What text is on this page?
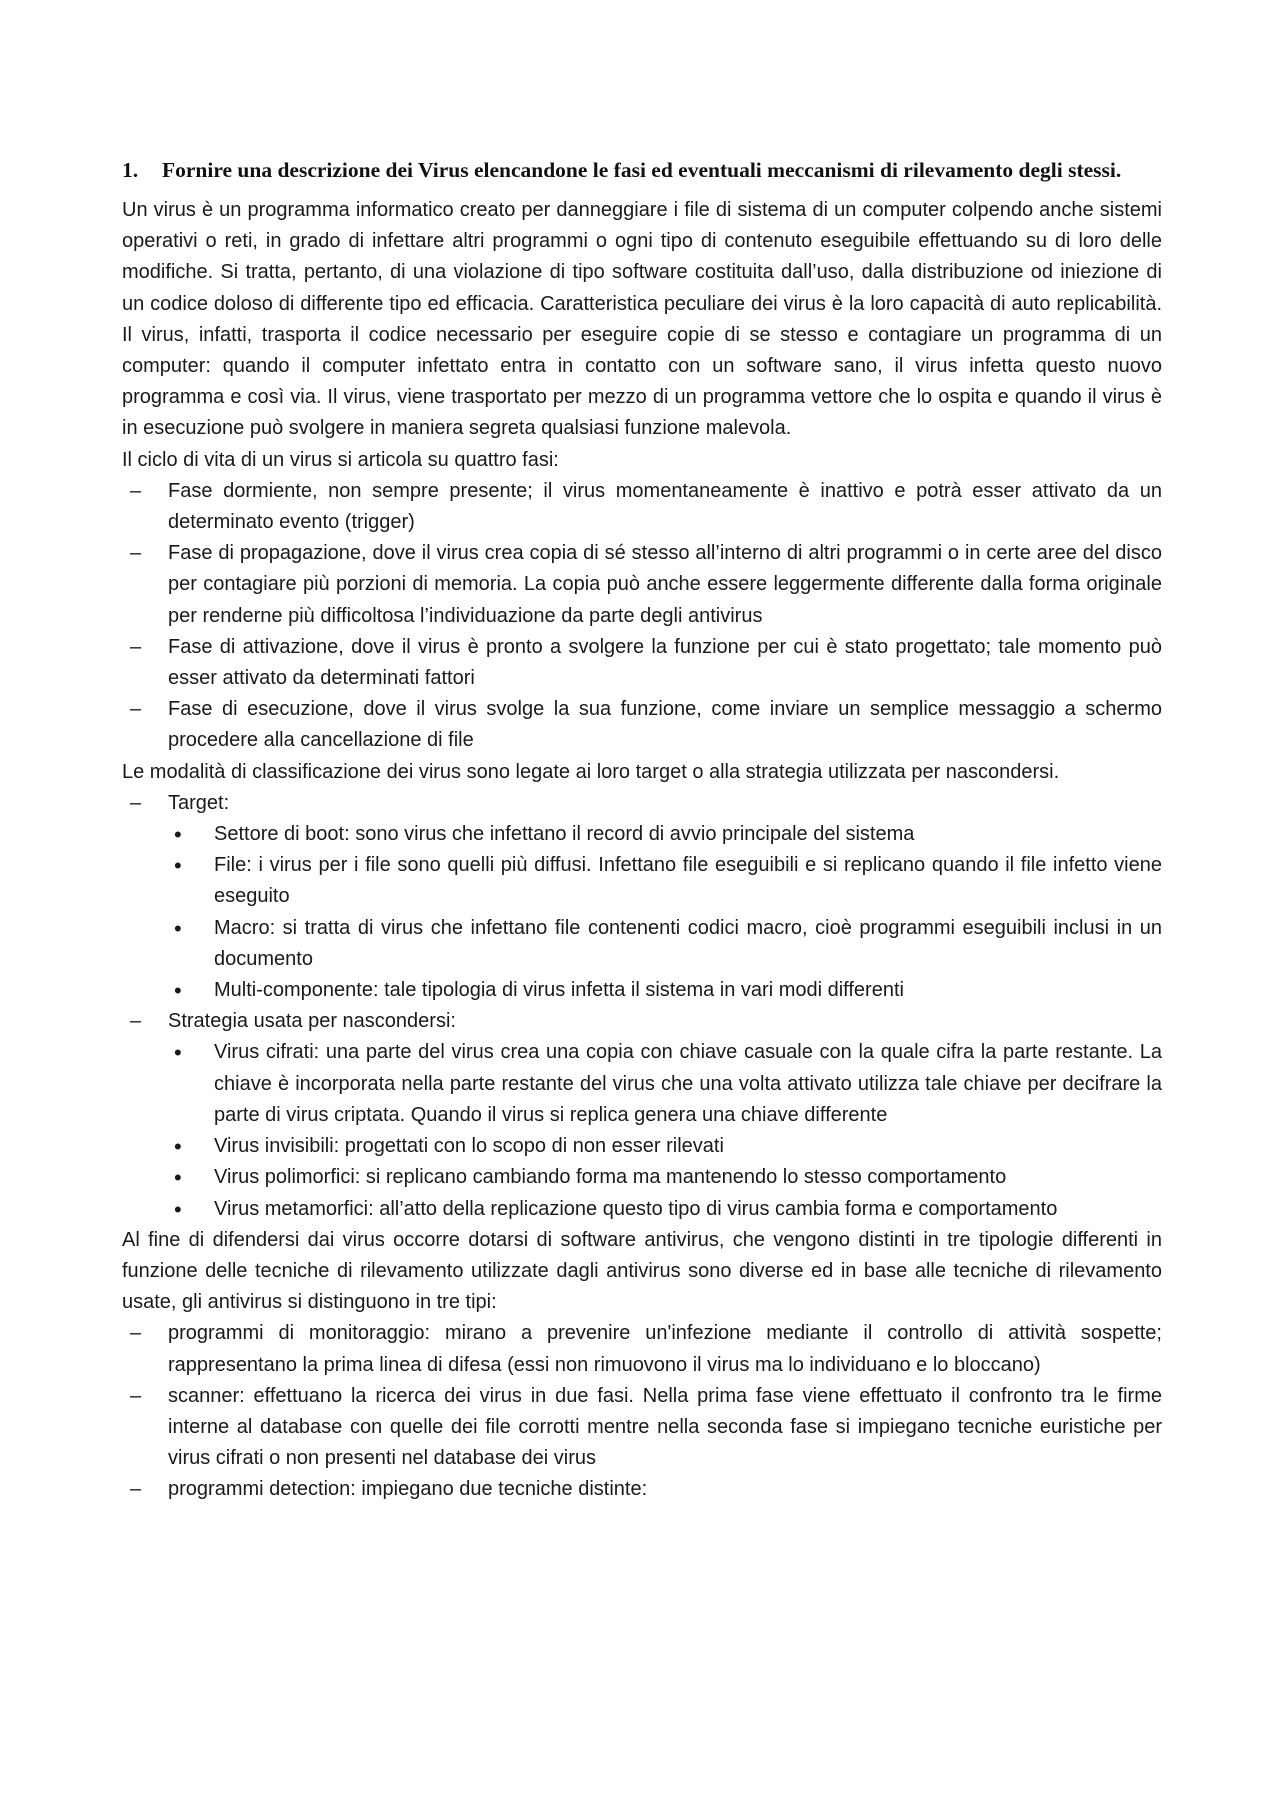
1.	Fornire una descrizione dei Virus elencandone le fasi ed eventuali meccanismi di rilevamento degli stessi.

Un virus è un programma informatico creato per danneggiare i file di sistema di un computer colpendo anche sistemi operativi o reti, in grado di infettare altri programmi o ogni tipo di contenuto eseguibile effettuando su di loro delle modifiche. Si tratta, pertanto, di una violazione di tipo software costituita dall’uso, dalla distribuzione od iniezione di un codice doloso di differente tipo ed efficacia. Caratteristica peculiare dei virus è la loro capacità di auto replicabilità. Il virus, infatti, trasporta il codice necessario per eseguire copie di se stesso e contagiare un programma di un computer: quando il computer infettato entra in contatto con un software sano, il virus infetta questo nuovo programma e così via. Il virus, viene trasportato per mezzo di un programma vettore che lo ospita e quando il virus è in esecuzione può svolgere in maniera segreta qualsiasi funzione malevola.

Il ciclo di vita di un virus si articola su quattro fasi:

– Fase dormiente, non sempre presente; il virus momentaneamente è inattivo e potrà esser attivato da un determinato evento (trigger)
– Fase di propagazione, dove il virus crea copia di sé stesso all’interno di altri programmi o in certe aree del disco per contagiare più porzioni di memoria. La copia può anche essere leggermente differente dalla forma originale per renderne più difficoltosa l’individuazione da parte degli antivirus
– Fase di attivazione, dove il virus è pronto a svolgere la funzione per cui è stato progettato; tale momento può esser attivato da determinati fattori
– Fase di esecuzione, dove il virus svolge la sua funzione, come inviare un semplice messaggio a schermo procedere alla cancellazione di file

Le modalità di classificazione dei virus sono legate ai loro target o alla strategia utilizzata per nascondersi.

– Target:
• Settore di boot: sono virus che infettano il record di avvio principale del sistema
• File: i virus per i file sono quelli più diffusi. Infettano file eseguibili e si replicano quando il file infetto viene eseguito
• Macro: si tratta di virus che infettano file contenenti codici macro, cioè programmi eseguibili inclusi in un documento
• Multi-componente: tale tipologia di virus infetta il sistema in vari modi differenti
– Strategia usata per nascondersi:
• Virus cifrati: una parte del virus crea una copia con chiave casuale con la quale cifra la parte restante. La chiave è incorporata nella parte restante del virus che una volta attivato utilizza tale chiave per decifrare la parte di virus criptata. Quando il virus si replica genera una chiave differente
• Virus invisibili: progettati con lo scopo di non esser rilevati
• Virus polimorfici: si replicano cambiando forma ma mantenendo lo stesso comportamento
• Virus metamorfici: all’atto della replicazione questo tipo di virus cambia forma e comportamento

Al fine di difendersi dai virus occorre dotarsi di software antivirus, che vengono distinti in tre tipologie differenti in funzione delle tecniche di rilevamento utilizzate dagli antivirus sono diverse ed in base alle tecniche di rilevamento usate, gli antivirus si distinguono in tre tipi:

– programmi di monitoraggio: mirano a prevenire un'infezione mediante il controllo di attività sospette; rappresentano la prima linea di difesa (essi non rimuovono il virus ma lo individuano e lo bloccano)
– scanner: effettuano la ricerca dei virus in due fasi. Nella prima fase viene effettuato il confronto tra le firme interne al database con quelle dei file corrotti mentre nella seconda fase si impiegano tecniche euristiche per virus cifrati o non presenti nel database dei virus
– programmi detection: impiegano due tecniche distinte:
